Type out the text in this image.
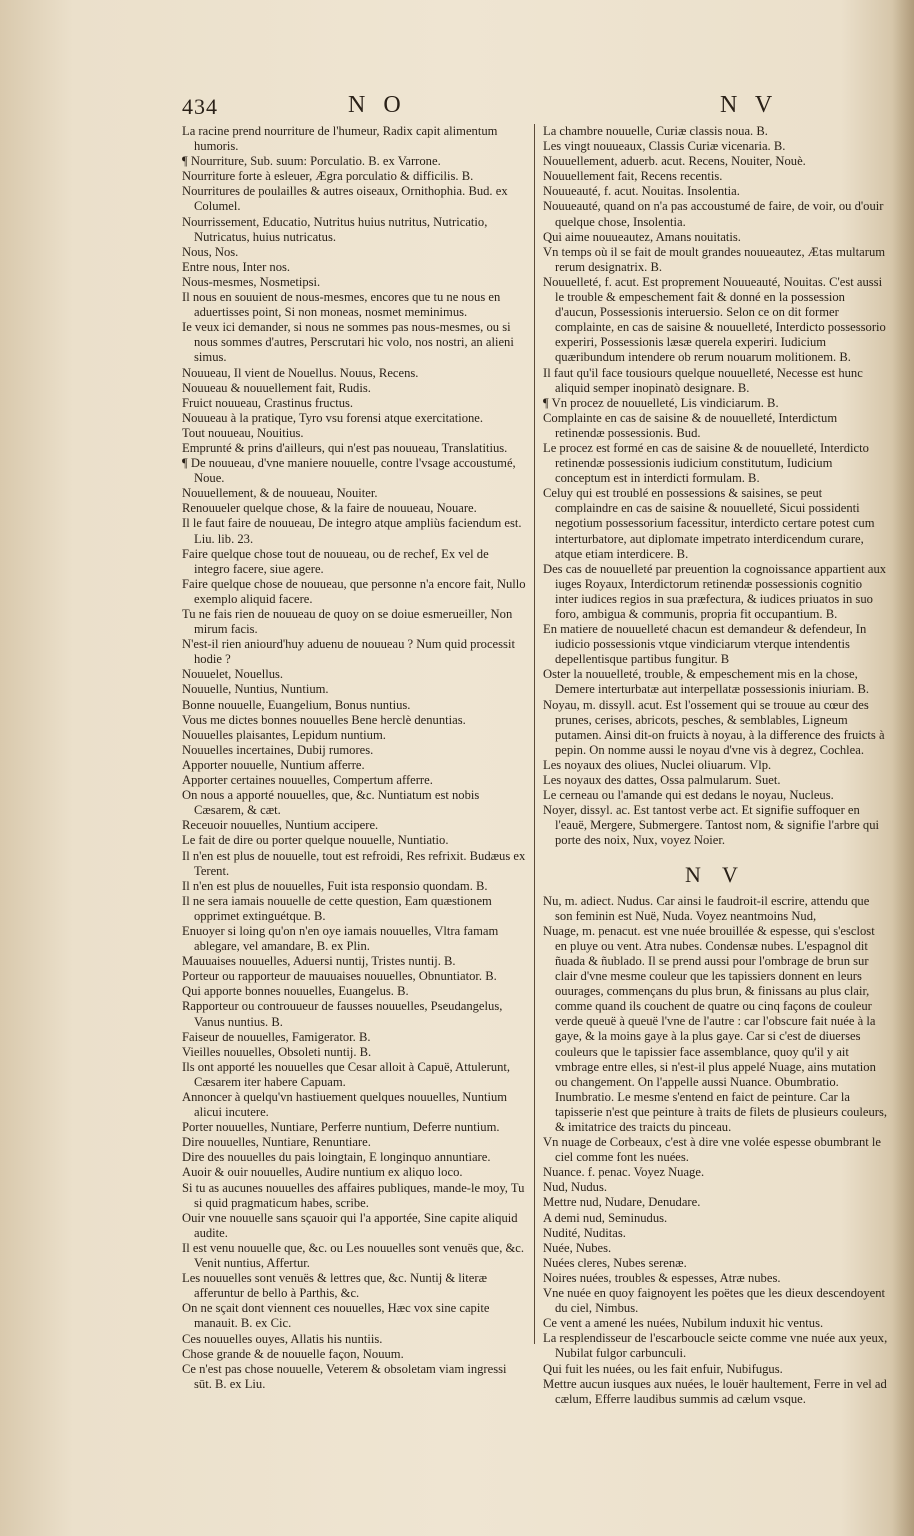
434	N O	N V

La racine prend nourriture de l'humeur, Radix capit alimentum humoris.

¶ Nourriture, Sub. suum: Porculatio. B. ex Varrone.

Nourriture forte à esleuer, Ægra porculatio & difficilis. B.

Nourritures de poulailles & autres oiseaux, Ornithophia. Bud. ex Columel.

Nourrissement, Educatio, Nutritus huius nutritus, Nutricatio, Nutricatus, huius nutricatus.

Nous, Nos.

Entre nous, Inter nos.

Nous-mesmes, Nosmetipsi.

Il nous en souuient de nous-mesmes, encores que tu ne nous en aduertisses point, Si non moneas, nosmet meminimus.

Ie veux ici demander, si nous ne sommes pas nous-mesmes, ou si nous sommes d'autres, Perscrutari hic volo, nos nostri, an alieni simus.

Nouueau, Il vient de Nouellus. Nouus, Recens.

Nouueau & nouuellement fait, Rudis.

Fruict nouueau, Crastinus fructus.

Nouueau à la pratique, Tyro vsu forensi atque exercitatione.

Tout nouueau, Nouitius.

Emprunté & prins d'ailleurs, qui n'est pas nouueau, Translatitius.

¶ De nouueau, d'vne maniere nouuelle, contre l'vsage accoustumé, Noue.

Nouuellement, & de nouueau, Nouiter.

Renouueler quelque chose, & la faire de nouueau, Nouare.

Il le faut faire de nouueau, De integro atque ampliùs faciendum est. Liu. lib. 23.

Faire quelque chose tout de nouueau, ou de rechef, Ex vel de integro facere, siue agere.

Faire quelque chose de nouueau, que personne n'a encore fait, Nullo exemplo aliquid facere.

Tu ne fais rien de nouueau de quoy on se doiue esmerueiller, Non mirum facis.

N'est-il rien aniourd'huy aduenu de nouueau ? Num quid processit hodie ?

Nouuelet, Nouellus.

Nouuelle, Nuntius, Nuntium.

Bonne nouuelle, Euangelium, Bonus nuntius.

Vous me dictes bonnes nouuelles Bene herclè denuntias.

Nouuelles plaisantes, Lepidum nuntium.

Nouuelles incertaines, Dubij rumores.

Apporter nouuelle, Nuntium afferre.

Apporter certaines nouuelles, Compertum afferre.

On nous a apporté nouuelles, que, &c. Nuntiatum est nobis Cæsarem, & cæt.

Receuoir nouuelles, Nuntium accipere.

Le fait de dire ou porter quelque nouuelle, Nuntiatio.

Il n'en est plus de nouuelle, tout est refroidi, Res refrixit. Budæus ex Terent.

Il n'en est plus de nouuelles, Fuit ista responsio quondam. B.

Il ne sera iamais nouuelle de cette question, Eam quæstionem opprimet extinguétque. B.

Enuoyer si loing qu'on n'en oye iamais nouuelles, Vltra famam ablegare, vel amandare, B. ex Plin.

Mauuaises nouuelles, Aduersi nuntij, Tristes nuntij. B.

Porteur ou rapporteur de mauuaises nouuelles, Obnuntiator. B.

Qui apporte bonnes nouuelles, Euangelus. B.

Rapporteur ou controuueur de fausses nouuelles, Pseudangelus, Vanus nuntius. B.

Faiseur de nouuelles, Famigerator. B.

Vieilles nouuelles, Obsoleti nuntij. B.

Ils ont apporté les nouuelles que Cesar alloit à Capuë, Attulerunt, Cæsarem iter habere Capuam.

Annoncer à quelqu'vn hastiuement quelques nouuelles, Nuntium alicui incutere.

Porter nouuelles, Nuntiare, Perferre nuntium, Deferre nuntium.

Dire nouuelles, Nuntiare, Renuntiare.

Dire des nouuelles du pais loingtain, E longinquo annuntiare.

Auoir & ouir nouuelles, Audire nuntium ex aliquo loco.

Si tu as aucunes nouuelles des affaires publiques, mande-le moy, Tu si quid pragmaticum habes, scribe.

Ouir vne nouuelle sans sçauoir qui l'a apportée, Sine capite aliquid audite.

Il est venu nouuelle que, &c. ou Les nouuelles sont venuës que, &c. Venit nuntius, Affertur.

Les nouuelles sont venuës & lettres que, &c. Nuntij & literæ afferuntur de bello à Parthis, &c.

On ne sçait dont viennent ces nouuelles, Hæc vox sine capite manauit. B. ex Cic.

Ces nouuelles ouyes, Allatis his nuntiis.

Chose grande & de nouuelle façon, Nouum.

Ce n'est pas chose nouuelle, Veterem & obsoletam viam ingressi sūt. B. ex Liu.

La chambre nouuelle, Curiæ classis noua. B.

Les vingt nouueaux, Classis Curiæ vicenaria. B.

Nouuellement, aduerb. acut. Recens, Nouiter, Nouè.

Nouuellement fait, Recens recentis.

Nouueauté, f. acut. Nouitas. Insolentia.

Nouueauté, quand on n'a pas accoustumé de faire, de voir, ou d'ouir quelque chose, Insolentia.

Qui aime nouueautez, Amans nouitatis.

Vn temps où il se fait de moult grandes nouueautez, Ætas multarum rerum designatrix. B.

Nouuelleté, f. acut. Est proprement Nouueauté, Nouitas. C'est aussi le trouble & empeschement fait & donné en la possession d'aucun, Possessionis interuersio. Selon ce on dit former complainte, en cas de saisine & nouuelleté, Interdicto possessorio experiri, Possessionis læsæ querela experiri. Iudicium quæribundum intendere ob rerum nouarum molitionem. B.

Il faut qu'il face tousiours quelque nouuelleté, Necesse est hunc aliquid semper inopinatò designare. B.

¶ Vn procez de nouuelleté, Lis vindiciarum. B.

Complainte en cas de saisine & de nouuelleté, Interdictum retinendæ possessionis. Bud.

Le procez est formé en cas de saisine & de nouuelleté, Interdicto retinendæ possessionis iudicium constitutum, Iudicium conceptum est in interdicti formulam. B.

Celuy qui est troublé en possessions & saisines, se peut complaindre en cas de saisine & nouuelleté, Sicui possidenti negotium possessorium facessitur, interdicto certare potest cum interturbatore, aut diplomate impetrato interdicendum curare, atque etiam interdicere. B.

Des cas de nouuelleté par preuention la cognoissance appartient aux iuges Royaux, Interdictorum retinendæ possessionis cognitio inter iudices regios in sua præfectura, & iudices priuatos in suo foro, ambigua & communis, propria fit occupantium. B.

En matiere de nouuelleté chacun est demandeur & defendeur, In iudicio possessionis vtque vindiciarum vterque intendentis depellentisque partibus fungitur. B

Oster la nouuelleté, trouble, & empeschement mis en la chose, Demere interturbatæ aut interpellatæ possessionis iniuriam. B.

Noyau, m. dissyll. acut. Est l'ossement qui se trouue au cœur des prunes, cerises, abricots, pesches, & semblables, Ligneum putamen. Ainsi dit-on fruicts à noyau, à la difference des fruicts à pepin. On nomme aussi le noyau d'vne vis à degrez, Cochlea.

Les noyaux des oliues, Nuclei oliuarum. Vlp.

Les noyaux des dattes, Ossa palmularum. Suet.

Le cerneau ou l'amande qui est dedans le noyau, Nucleus.

Noyer, dissyl. ac. Est tantost verbe act. Et signifie suffoquer en l'eauë, Mergere, Submergere. Tantost nom, & signifie l'arbre qui porte des noix, Nux, voyez Noier.

N V

Nu, m. adiect. Nudus. Car ainsi le faudroit-il escrire, attendu que son feminin est Nuë, Nuda. Voyez neantmoins Nud,

Nuage, m. penacut. est vne nuée brouillée & espesse, qui s'esclost en pluye ou vent. Atra nubes. Condensæ nubes. L'espagnol dit ñuada & ñublado. Il se prend aussi pour l'ombrage de brun sur clair d'vne mesme couleur que les tapissiers donnent en leurs ouurages, commençans du plus brun, & finissans au plus clair, comme quand ils couchent de quatre ou cinq façons de couleur verde queuë à queuë l'vne de l'autre : car l'obscure fait nuée à la gaye, & la moins gaye à la plus gaye. Car si c'est de diuerses couleurs que le tapissier face assemblance, quoy qu'il y ait vmbrage entre elles, si n'est-il plus appelé Nuage, ains mutation ou changement. On l'appelle aussi Nuance. Obumbratio. Inumbratio. Le mesme s'entend en faict de peinture. Car la tapisserie n'est que peinture à traits de filets de plusieurs couleurs, & imitatrice des traicts du pinceau.

Vn nuage de Corbeaux, c'est à dire vne volée espesse obumbrant le ciel comme font les nuées.

Nuance. f. penac. Voyez Nuage.

Nud, Nudus.

Mettre nud, Nudare, Denudare.

A demi nud, Seminudus.

Nudité, Nuditas.

Nuée, Nubes.

Nuées cleres, Nubes serenæ.

Noires nuées, troubles & espesses, Atræ nubes.

Vne nuée en quoy faignoyent les poëtes que les dieux descendoyent du ciel, Nimbus.

Ce vent a amené les nuées, Nubilum induxit hic ventus.

La resplendisseur de l'escarboucle seicte comme vne nuée aux yeux, Nubilat fulgor carbunculi.

Qui fuit les nuées, ou les fait enfuir, Nubifugus.

Mettre aucun iusques aux nuées, le louër haultement, Ferre in vel ad cælum, Efferre laudibus summis ad cælum vsque.
